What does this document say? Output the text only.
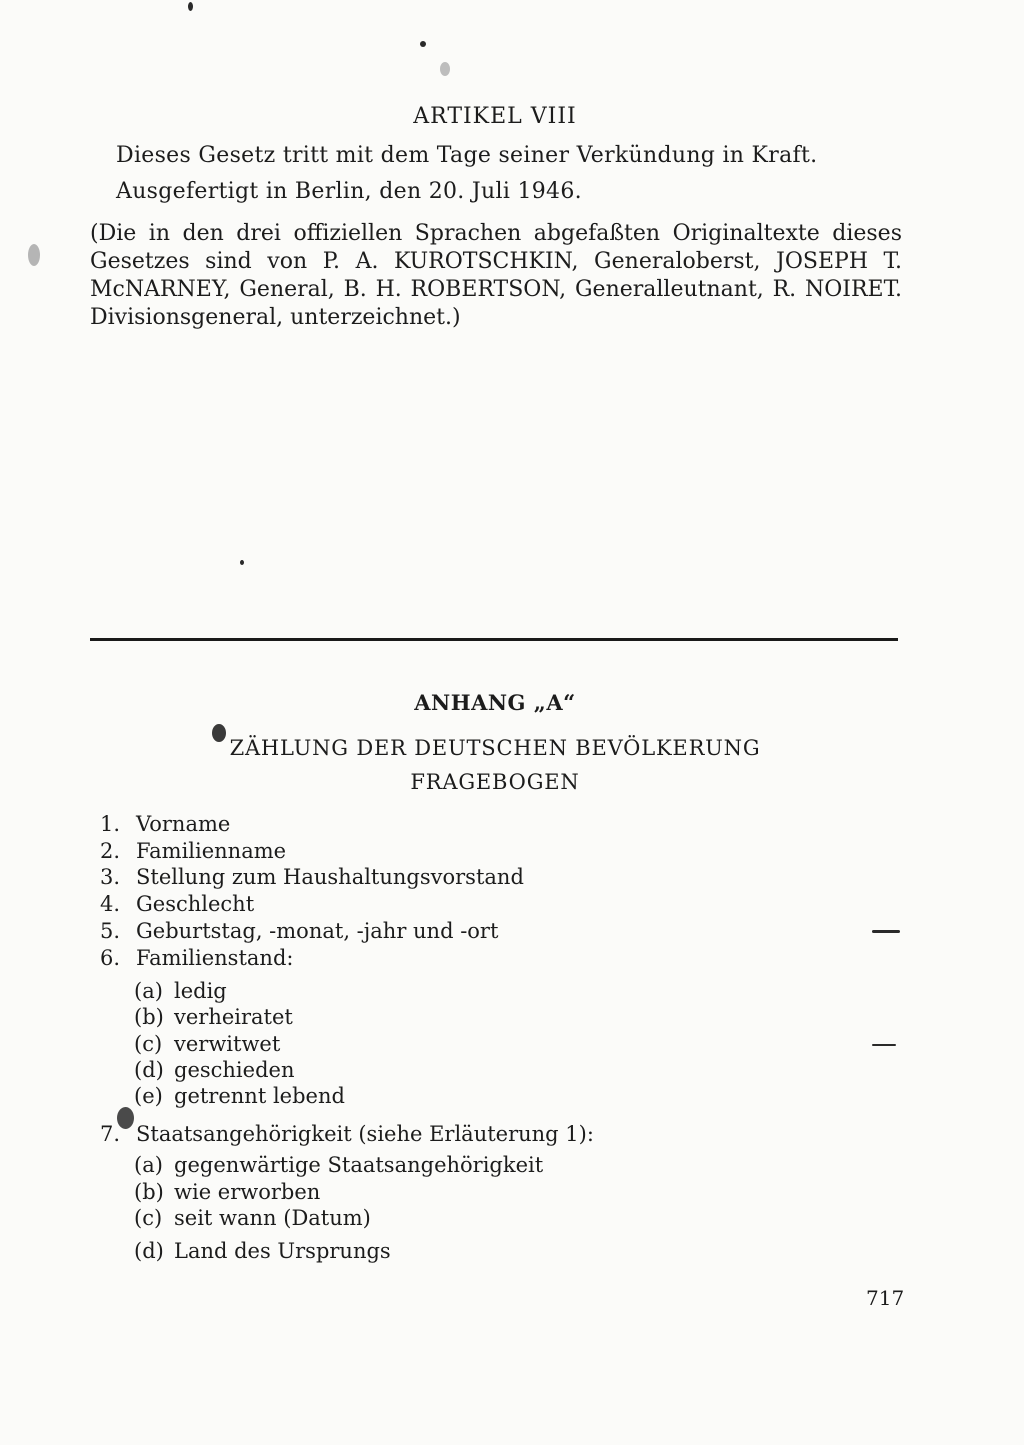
ARTIKEL VIII
Dieses Gesetz tritt mit dem Tage seiner Verkündung in Kraft.
Ausgefertigt in Berlin, den 20. Juli 1946.
(Die in den drei offiziellen Sprachen abgefaßten Originaltexte dieses
Gesetzes sind von P. A. KUROTSCHKIN, Generaloberst, JOSEPH T.
McNARNEY, General, B. H. ROBERTSON, Generalleutnant, R. NOIRET.
Divisionsgeneral, unterzeichnet.)
ANHANG „A“
ZÄHLUNG DER DEUTSCHEN BEVÖLKERUNG
FRAGEBOGEN
1. Vorname
2. Familienname
3. Stellung zum Haushaltungsvorstand
4. Geschlecht
5. Geburtstag, -monat, -jahr und -ort
6. Familienstand:
(a) ledig
(b) verheiratet
(c) verwitwet
(d) geschieden
(e) getrennt lebend
7. Staatsangehörigkeit (siehe Erläuterung 1):
(a) gegenwärtige Staatsangehörigkeit
(b) wie erworben
(c) seit wann (Datum)
(d) Land des Ursprungs
717
